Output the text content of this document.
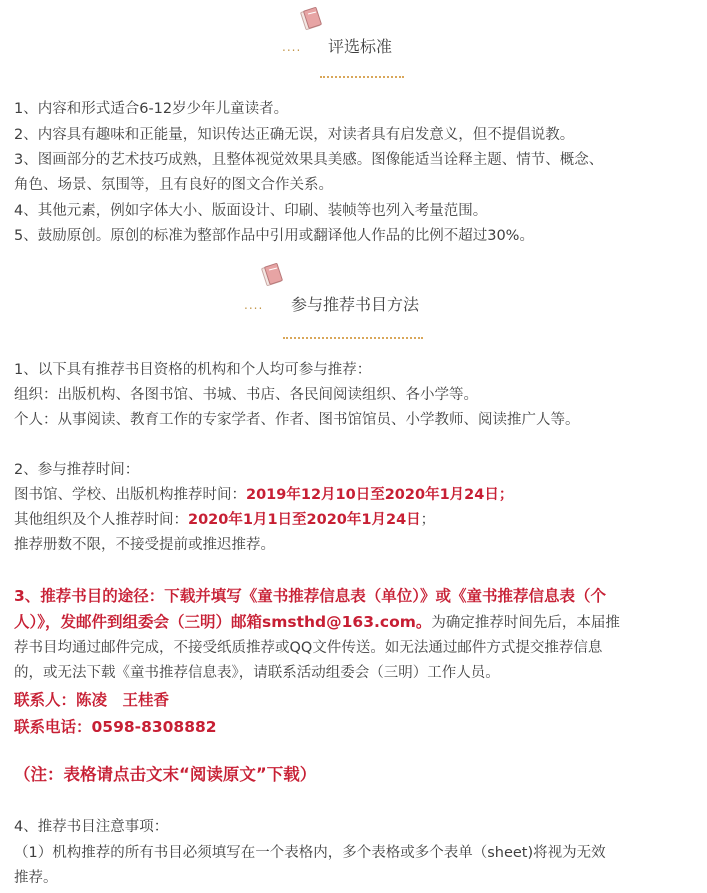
.... 评选标准
1、内容和形式适合6-12岁少年儿童读者。
2、内容具有趣味和正能量，知识传达正确无误，对读者具有启发意义，但不提倡说教。
3、图画部分的艺术技巧成熟，且整体视觉效果具美感。图像能适当诠释主题、情节、概念、
角色、场景、氛围等，且有良好的图文合作关系。
4、其他元素，例如字体大小、版面设计、印刷、装帧等也列入考量范围。
5、鼓励原创。原创的标准为整部作品中引用或翻译他人作品的比例不超过30%。
.... 参与推荐书目方法
1、以下具有推荐书目资格的机构和个人均可参与推荐：
组织：出版机构、各图书馆、书城、书店、各民间阅读组织、各小学等。
个人：从事阅读、教育工作的专家学者、作者、图书馆馆员、小学教师、阅读推广人等。
2、参与推荐时间：
图书馆、学校、出版机构推荐时间：2019年12月10日至2020年1月24日；
其他组织及个人推荐时间：2020年1月1日至2020年1月24日；
推荐册数不限，不接受提前或推迟推荐。
3、推荐书目的途径：下载并填写《童书推荐信息表（单位）》或《童书推荐信息表（个
人）》，发邮件到组委会（三明）邮箱smsthd@163.com。为确定推荐时间先后，本届推
荐书目均通过邮件完成，不接受纸质推荐或QQ文件传送。如无法通过邮件方式提交推荐信息
的，或无法下载《童书推荐信息表》，请联系活动组委会（三明）工作人员。
联系人：陈凌　王桂香
联系电话：0598-8308882
（注：表格请点击文末“阅读原文”下载）
4、推荐书目注意事项：
（1）机构推荐的所有书目必须填写在一个表格内，多个表格或多个表单（sheet)将视为无效
推荐。
